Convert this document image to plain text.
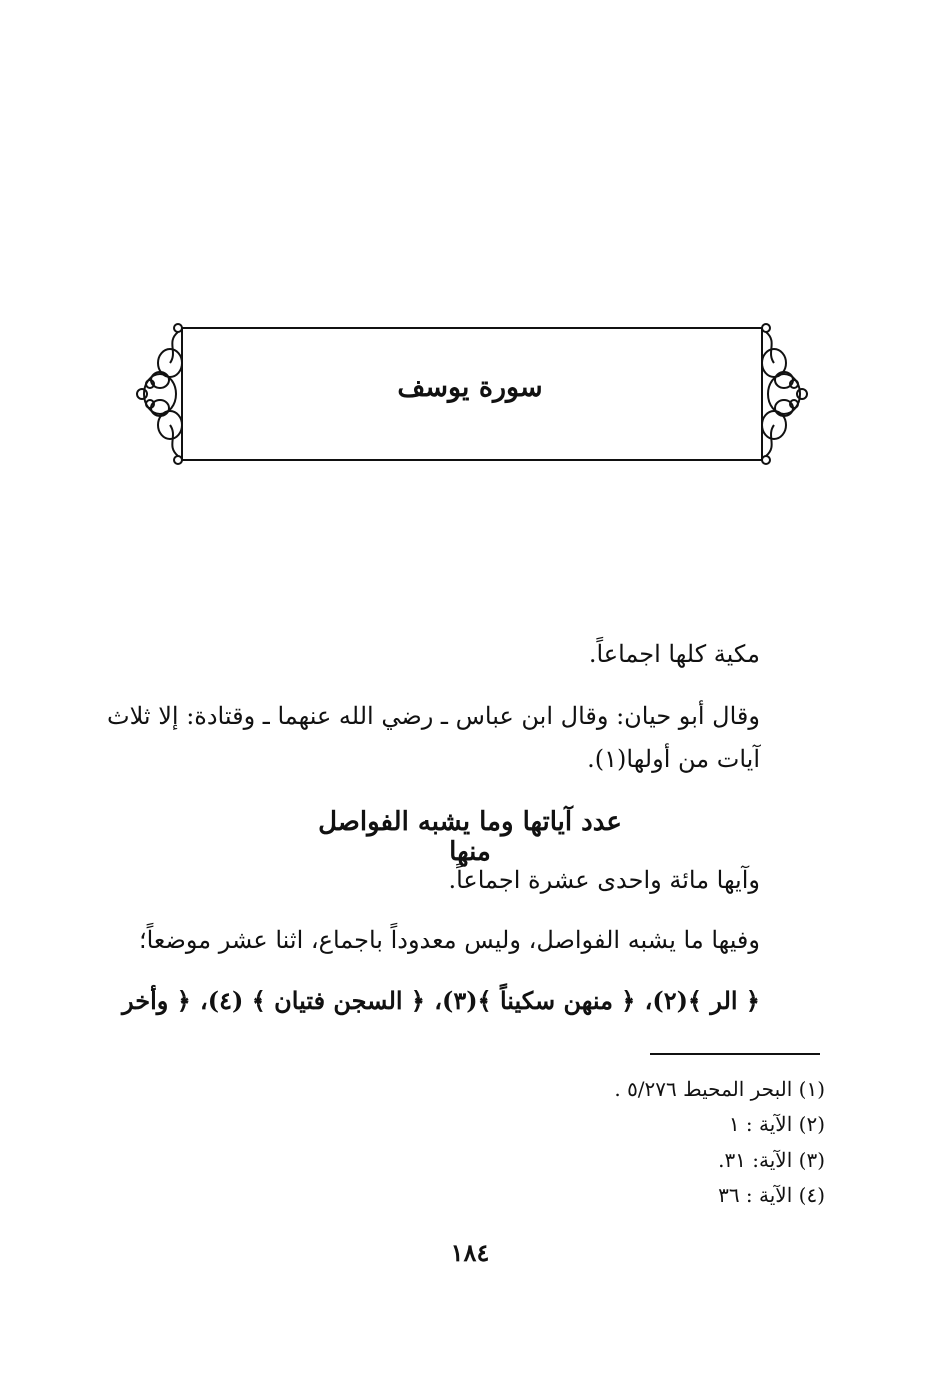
سورة يوسف
مكية كلها اجماعاً.
وقال أبو حيان: وقال ابن عباس ـ رضي الله عنهما ـ وقتادة: إلا ثلاث
آيات من أولها(١).
عدد آياتها وما يشبه الفواصل منها
وآيها مائة واحدى عشرة اجماعاً.
وفيها ما يشبه الفواصل، وليس معدوداً باجماع، اثنا عشر موضعاً؛
﴿ الر ﴾(٢)،
﴿ منهن سكيناً ﴾(٣)،
﴿ السجن فتيان ﴾ (٤)،
﴿ وأخر
(١) البحر المحيط ٥/٢٧٦ .
(٢) الآية : ١
(٣) الآية: ٣١.
(٤) الآية : ٣٦
١٨٤
